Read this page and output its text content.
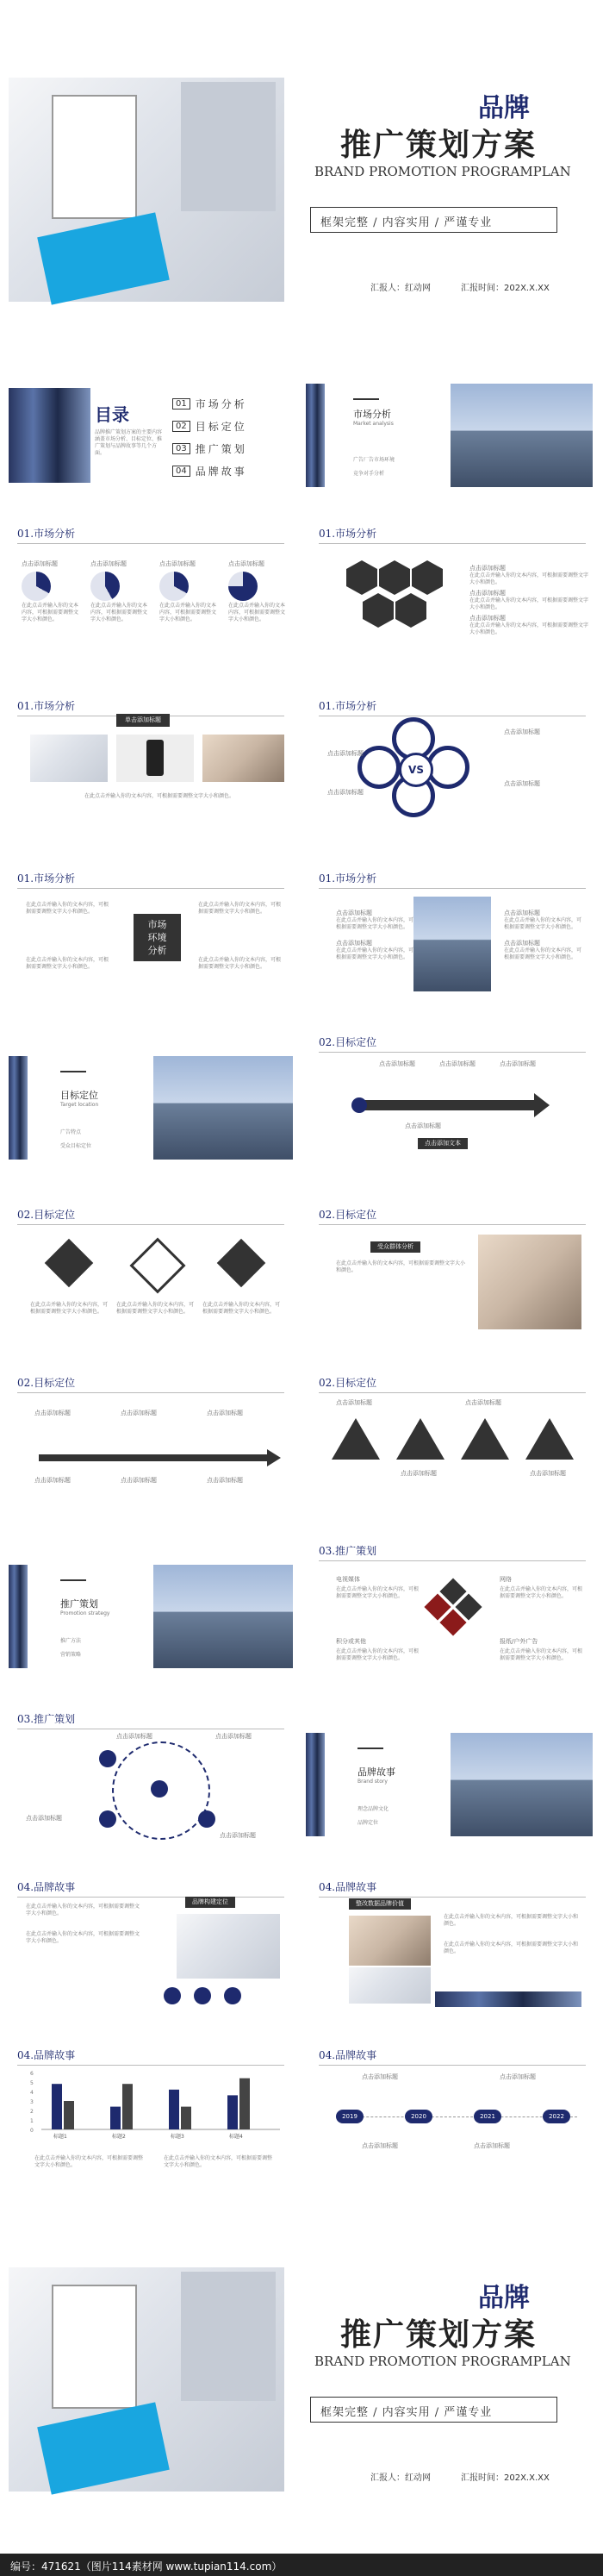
品牌
推广策划方案
BRAND PROMOTION PROGRAMPLAN
框架完整 / 内容实用 / 严谨专业
汇报人：红动网	汇报时间：202X.X.XX
目录
品牌推广策划方案的主要内容涵盖市场分析、目标定位、推广策划与品牌故事等几个方面。
01 市场分析
02 目标定位
03 推广策划
04 品牌故事
市场分析
Market analysis
广告厂告市场环境
竞争对手分析
01.市场分析
点击添加标题
在此点击并输入你的文本内容，可根据需要调整文字大小和颜色。
点击添加标题
在此点击并输入你的文本内容，可根据需要调整文字大小和颜色。
点击添加标题
在此点击并输入你的文本内容，可根据需要调整文字大小和颜色。
点击添加标题
在此点击并输入你的文本内容，可根据需要调整文字大小和颜色。
01.市场分析
点击添加标题
在此点击并输入你的文本内容，可根据需要调整文字大小和颜色。
点击添加标题
在此点击并输入你的文本内容，可根据需要调整文字大小和颜色。
点击添加标题
在此点击并输入你的文本内容，可根据需要调整文字大小和颜色。
01.市场分析
单击添加标题
在此点击并输入你的文本内容，可根据需要调整文字大小和颜色。
01.市场分析
VS
点击添加标题
点击添加标题
点击添加标题
点击添加标题
01.市场分析
在此点击并输入你的文本内容，可根据需要调整文字大小和颜色。
在此点击并输入你的文本内容，可根据需要调整文字大小和颜色。
在此点击并输入你的文本内容，可根据需要调整文字大小和颜色。
在此点击并输入你的文本内容，可根据需要调整文字大小和颜色。
市场
环境
分析
01.市场分析
点击添加标题
在此点击并输入你的文本内容，可根据需要调整文字大小和颜色。
点击添加标题
在此点击并输入你的文本内容，可根据需要调整文字大小和颜色。
点击添加标题
在此点击并输入你的文本内容，可根据需要调整文字大小和颜色。
点击添加标题
在此点击并输入你的文本内容，可根据需要调整文字大小和颜色。
目标定位
Target location
广告特点
受众目标定位
02.目标定位
点击添加标题	点击添加标题	点击添加标题
点击添加标题
点击添加文本
02.目标定位
在此点击并输入你的文本内容，可根据需要调整文字大小和颜色。
在此点击并输入你的文本内容，可根据需要调整文字大小和颜色。
在此点击并输入你的文本内容，可根据需要调整文字大小和颜色。
02.目标定位
受众群体分析
在此点击并输入你的文本内容，可根据需要调整文字大小和颜色。
02.目标定位
点击添加标题	点击添加标题	点击添加标题
点击添加标题	点击添加标题	点击添加标题
02.目标定位
点击添加标题	点击添加标题
点击添加标题	点击添加标题
推广策划
Promotion strategy
推广方法
营销策略
03.推广策划
电视媒体
在此点击并输入你的文本内容，可根据需要调整文字大小和颜色。
网络
在此点击并输入你的文本内容，可根据需要调整文字大小和颜色。
积分或其他
在此点击并输入你的文本内容，可根据需要调整文字大小和颜色。
报纸/户外广告
在此点击并输入你的文本内容，可根据需要调整文字大小和颜色。
03.推广策划
点击添加标题	点击添加标题
点击添加标题
点击添加标题
品牌故事
Brand story
理念品牌文化
品牌定位
04.品牌故事
在此点击并输入你的文本内容，可根据需要调整文字大小和颜色。
在此点击并输入你的文本内容，可根据需要调整文字大小和颜色。
品牌构建定位
04.品牌故事
整改数据品牌价值
在此点击并输入你的文本内容，可根据需要调整文字大小和颜色。
在此点击并输入你的文本内容，可根据需要调整文字大小和颜色。
04.品牌故事
6
5
4
3
2
1
0
标题1	标题2	标题3	标题4
在此点击并输入你的文本内容，可根据需要调整文字大小和颜色。
在此点击并输入你的文本内容，可根据需要调整文字大小和颜色。
04.品牌故事
2019	2020	2021	2022
点击添加标题	点击添加标题
点击添加标题	点击添加标题
品牌
推广策划方案
BRAND PROMOTION PROGRAMPLAN
框架完整 / 内容实用 / 严谨专业
汇报人：红动网	汇报时间：202X.X.XX
编号：471621（图片114素材网 www.tupian114.com）
